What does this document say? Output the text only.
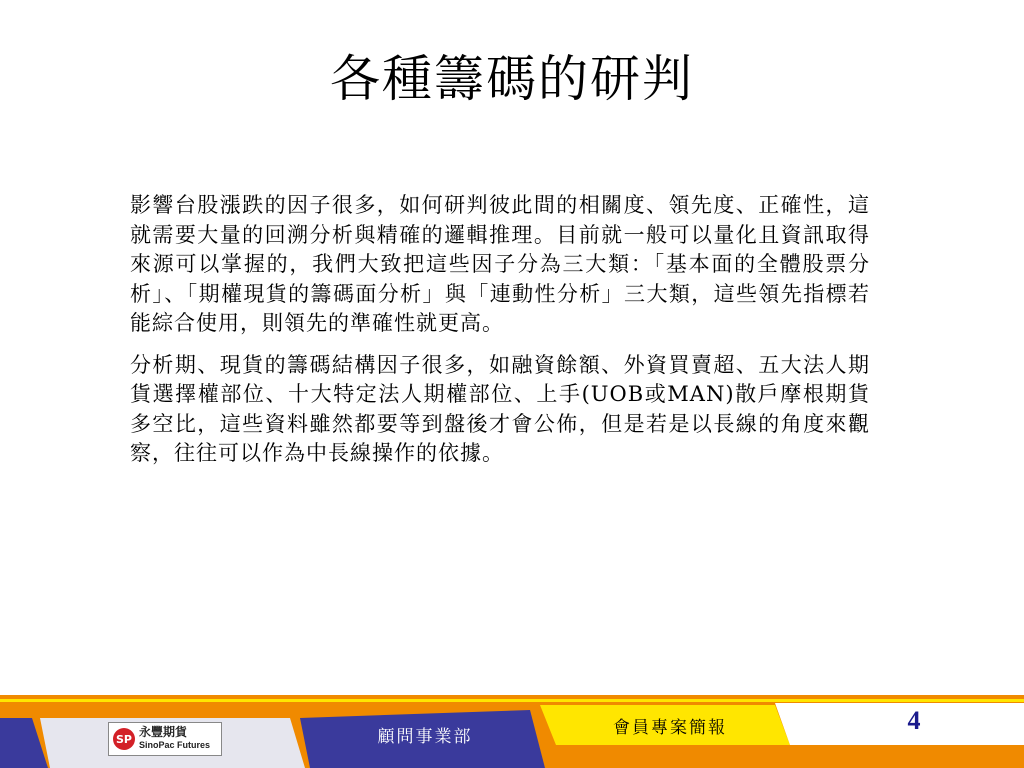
各種籌碼的研判

影響台股漲跌的因子很多，如何研判彼此間的相關度、領先度、正確性，這就需要大量的回溯分析與精確的邏輯推理。目前就一般可以量化且資訊取得來源可以掌握的，我們大致把這些因子分為三大類：「基本面的全體股票分析」、「期權現貨的籌碼面分析」與「連動性分析」三大類，這些領先指標若能綜合使用，則領先的準確性就更高。

分析期、現貨的籌碼結構因子很多，如融資餘額、外資買賣超、五大法人期貨選擇權部位、十大特定法人期權部位、上手(UOB或MAN)散戶摩根期貨多空比，這些資料雖然都要等到盤後才會公佈，但是若是以長線的角度來觀察，往往可以作為中長線操作的依據。

SP 永豐期貨
SinoPac Futures	顧問事業部	會員專案簡報	4
